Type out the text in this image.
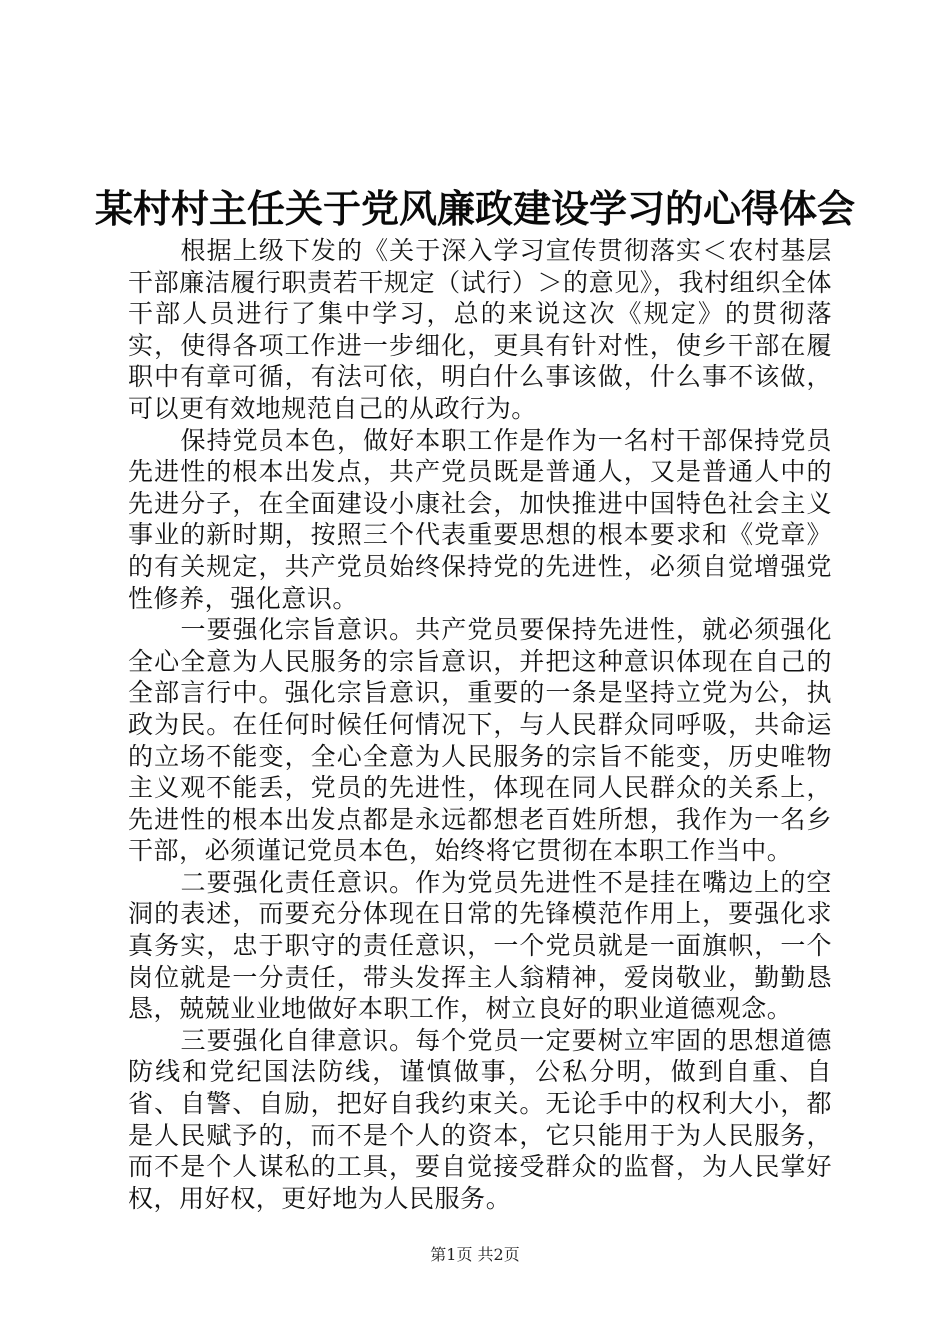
某村村主任关于党风廉政建设学习的心得体会

根据上级下发的《关于深入学习宣传贯彻落实＜农村基层干部廉洁履行职责若干规定（试行）＞的意见》，我村组织全体干部人员进行了集中学习，总的来说这次《规定》的贯彻落实，使得各项工作进一步细化，更具有针对性，使乡干部在履职中有章可循，有法可依，明白什么事该做，什么事不该做，可以更有效地规范自己的从政行为。

保持党员本色，做好本职工作是作为一名村干部保持党员先进性的根本出发点，共产党员既是普通人，又是普通人中的先进分子，在全面建设小康社会，加快推进中国特色社会主义事业的新时期，按照三个代表重要思想的根本要求和《党章》的有关规定，共产党员始终保持党的先进性，必须自觉增强党性修养，强化意识。

一要强化宗旨意识。共产党员要保持先进性，就必须强化全心全意为人民服务的宗旨意识，并把这种意识体现在自己的全部言行中。强化宗旨意识，重要的一条是坚持立党为公，执政为民。在任何时候任何情况下，与人民群众同呼吸，共命运的立场不能变，全心全意为人民服务的宗旨不能变，历史唯物主义观不能丢，党员的先进性，体现在同人民群众的关系上，先进性的根本出发点都是永远都想老百姓所想，我作为一名乡干部，必须谨记党员本色，始终将它贯彻在本职工作当中。

二要强化责任意识。作为党员先进性不是挂在嘴边上的空洞的表述，而要充分体现在日常的先锋模范作用上，要强化求真务实，忠于职守的责任意识，一个党员就是一面旗帜，一个岗位就是一分责任，带头发挥主人翁精神，爱岗敬业，勤勤恳恳，兢兢业业地做好本职工作，树立良好的职业道德观念。

三要强化自律意识。每个党员一定要树立牢固的思想道德防线和党纪国法防线，谨慎做事，公私分明，做到自重、自省、自警、自励，把好自我约束关。无论手中的权利大小，都是人民赋予的，而不是个人的资本，它只能用于为人民服务，而不是个人谋私的工具，要自觉接受群众的监督，为人民掌好权，用好权，更好地为人民服务。

第1页 共2页
